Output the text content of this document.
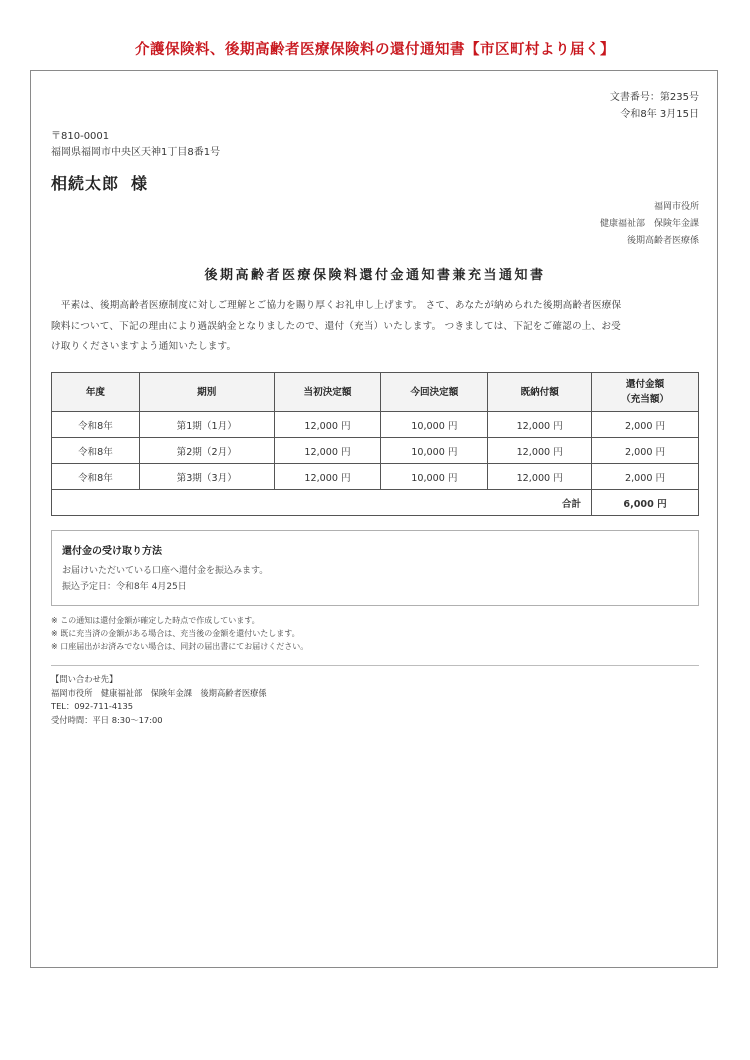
介護保険料、後期高齢者医療保険料の還付通知書【市区町村より届く】
文書番号：第235号
令和8年 3月15日
〒810-0001
福岡県福岡市中央区天神1丁目8番1号
相続太郎 様
福岡市役所
健康福祉部　保険年金課
後期高齢者医療係
後期高齢者医療保険料還付金通知書兼充当通知書
　平素は、後期高齢者医療制度に対しご理解とご協力を賜り厚くお礼申し上げます。 さて、あなたが納められた後期高齢者医療保
険料について、下記の理由により過誤納金となりましたので、還付（充当）いたします。 つきましては、下記をご確認の上、お受
け取りくださいますよう通知いたします。
年度	期別	当初決定額	今回決定額	既納付額	還付金額
（充当額）

令和8年	第1期（1月）	12,000 円	10,000 円	12,000 円	2,000 円
令和8年	第2期（2月）	12,000 円	10,000 円	12,000 円	2,000 円
令和8年	第3期（3月）	12,000 円	10,000 円	12,000 円	2,000 円
合計					6,000 円
還付金の受け取り方法
お届けいただいている口座へ還付金を振込みます。
振込予定日：令和8年 4月25日
※ この通知は還付金額が確定した時点で作成しています。
※ 既に充当済の金額がある場合は、充当後の金額を還付いたします。
※ 口座届出がお済みでない場合は、同封の届出書にてお届けください。
【問い合わせ先】
福岡市役所　健康福祉部　保険年金課　後期高齢者医療係
TEL：092-711-4135
受付時間：平日 8:30～17:00
